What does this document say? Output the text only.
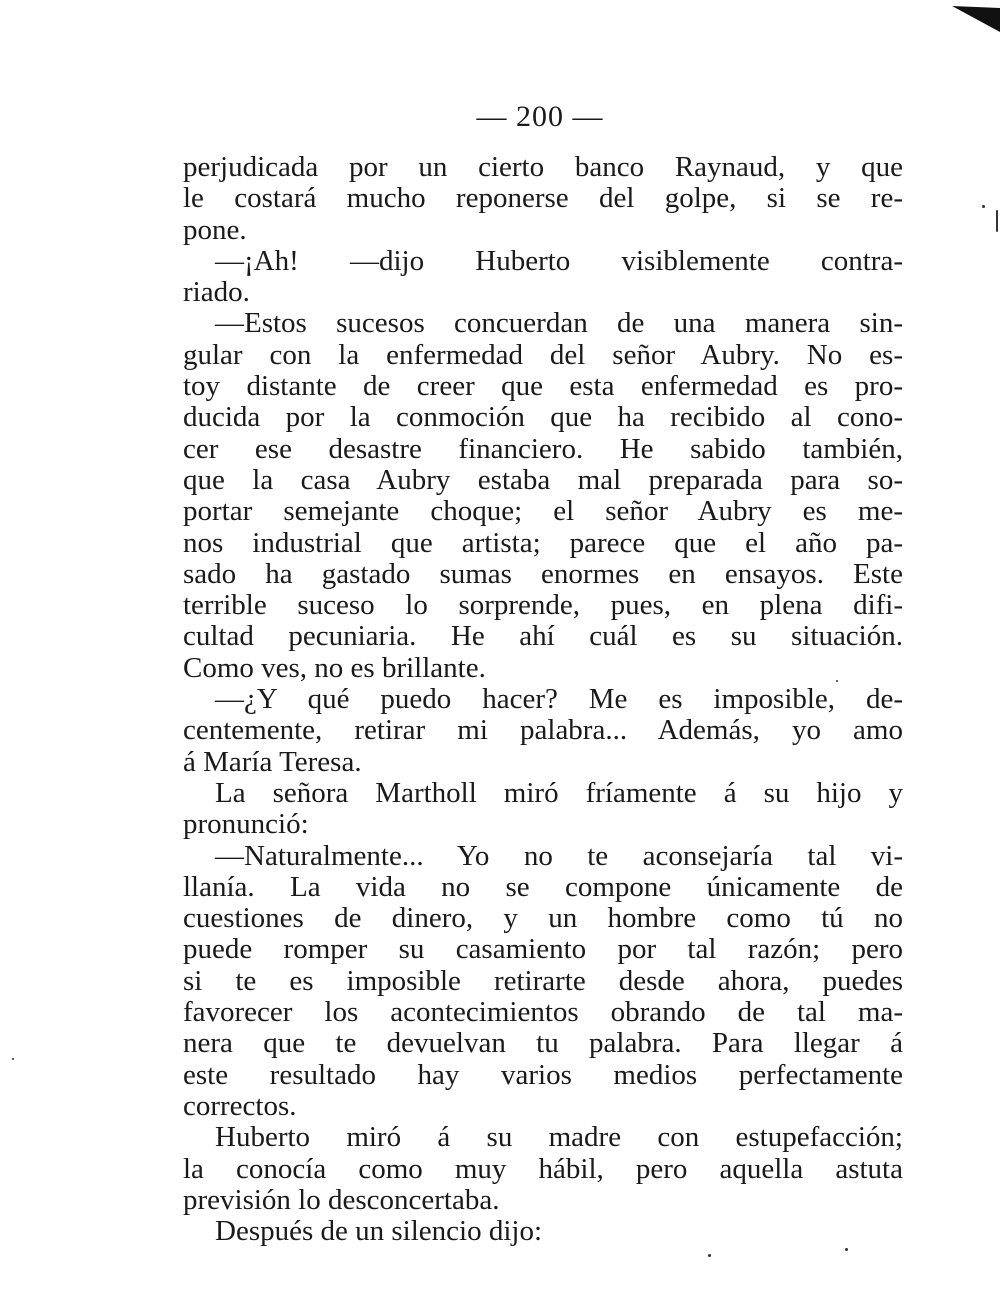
— 200 —
perjudicada por un cierto banco Raynaud, y que
le costará mucho reponerse del golpe, si se re-
pone.
—¡Ah! —dijo Huberto visiblemente contra-
riado.
—Estos sucesos concuerdan de una manera sin-
gular con la enfermedad del señor Aubry. No es-
toy distante de creer que esta enfermedad es pro-
ducida por la conmoción que ha recibido al cono-
cer ese desastre financiero. He sabido también,
que la casa Aubry estaba mal preparada para so-
portar semejante choque; el señor Aubry es me-
nos industrial que artista; parece que el año pa-
sado ha gastado sumas enormes en ensayos. Este
terrible suceso lo sorprende, pues, en plena difi-
cultad pecuniaria. He ahí cuál es su situación.
Como ves, no es brillante.
—¿Y qué puedo hacer? Me es imposible, de-
centemente, retirar mi palabra... Además, yo amo
á María Teresa.
La señora Martholl miró fríamente á su hijo y
pronunció:
—Naturalmente... Yo no te aconsejaría tal vi-
llanía. La vida no se compone únicamente de
cuestiones de dinero, y un hombre como tú no
puede romper su casamiento por tal razón; pero
si te es imposible retirarte desde ahora, puedes
favorecer los acontecimientos obrando de tal ma-
nera que te devuelvan tu palabra. Para llegar á
este resultado hay varios medios perfectamente
correctos.
Huberto miró á su madre con estupefacción;
la conocía como muy hábil, pero aquella astuta
previsión lo desconcertaba.
Después de un silencio dijo:
